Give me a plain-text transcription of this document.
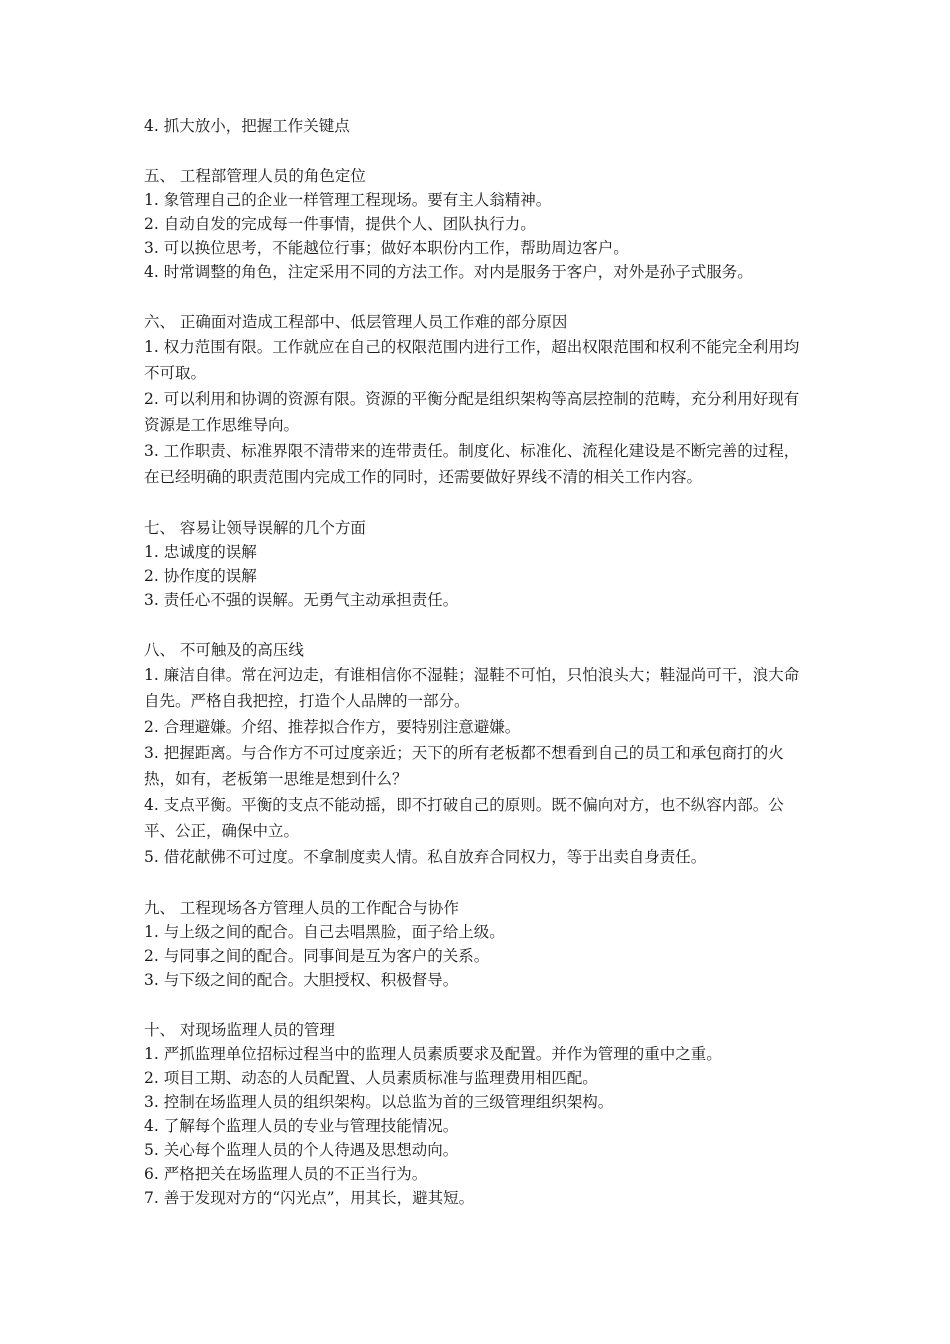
4. 抓大放小，把握工作关键点

五、 工程部管理人员的角色定位

1. 象管理自己的企业一样管理工程现场。要有主人翁精神。

2. 自动自发的完成每一件事情，提供个人、团队执行力。

3. 可以换位思考，不能越位行事；做好本职份内工作，帮助周边客户。

4. 时常调整的角色，注定采用不同的方法工作。对内是服务于客户，对外是孙子式服务。

六、 正确面对造成工程部中、低层管理人员工作难的部分原因

1. 权力范围有限。工作就应在自己的权限范围内进行工作，超出权限范围和权利不能完全利用均不可取。

2. 可以利用和协调的资源有限。资源的平衡分配是组织架构等高层控制的范畴，充分利用好现有资源是工作思维导向。

3. 工作职责、标准界限不清带来的连带责任。制度化、标准化、流程化建设是不断完善的过程，在已经明确的职责范围内完成工作的同时，还需要做好界线不清的相关工作内容。

七、 容易让领导误解的几个方面

1. 忠诚度的误解

2. 协作度的误解

3. 责任心不强的误解。无勇气主动承担责任。

八、 不可触及的高压线

1. 廉洁自律。常在河边走，有谁相信你不湿鞋；湿鞋不可怕，只怕浪头大；鞋湿尚可干，浪大命自先。严格自我把控，打造个人品牌的一部分。

2. 合理避嫌。介绍、推荐拟合作方，要特别注意避嫌。

3. 把握距离。与合作方不可过度亲近；天下的所有老板都不想看到自己的员工和承包商打的火热，如有，老板第一思维是想到什么？

4. 支点平衡。平衡的支点不能动摇，即不打破自己的原则。既不偏向对方，也不纵容内部。公平、公正，确保中立。

5. 借花献佛不可过度。不拿制度卖人情。私自放弃合同权力，等于出卖自身责任。

九、 工程现场各方管理人员的工作配合与协作

1. 与上级之间的配合。自己去唱黑脸，面子给上级。

2. 与同事之间的配合。同事间是互为客户的关系。

3. 与下级之间的配合。大胆授权、积极督导。

十、 对现场监理人员的管理

1. 严抓监理单位招标过程当中的监理人员素质要求及配置。并作为管理的重中之重。

2. 项目工期、动态的人员配置、人员素质标准与监理费用相匹配。

3. 控制在场监理人员的组织架构。以总监为首的三级管理组织架构。

4. 了解每个监理人员的专业与管理技能情况。

5. 关心每个监理人员的个人待遇及思想动向。

6. 严格把关在场监理人员的不正当行为。

7. 善于发现对方的“闪光点”，用其长，避其短。
